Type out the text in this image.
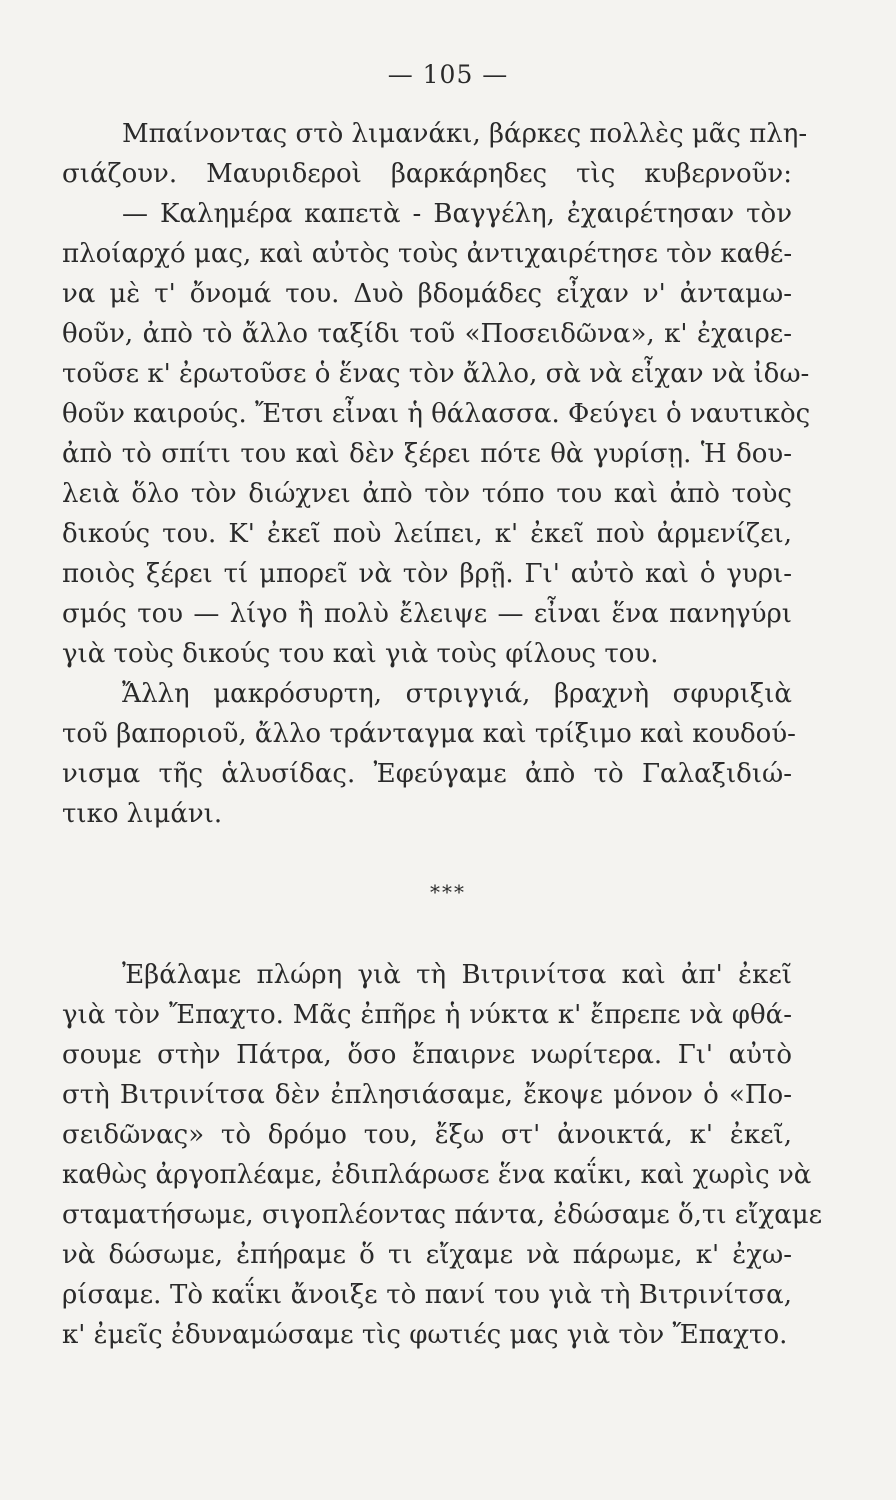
— 105 —
Μπαίνοντας στὸ λιμανάκι, βάρκες πολλὲς μᾶς πλη-
σιάζουν. Μαυριδεροὶ βαρκάρηδες τὶς κυβερνοῦν:
— Καλημέρα καπετὰ - Βαγγέλη, ἐχαιρέτησαν τὸν
πλοίαρχό μας, καὶ αὐτὸς τοὺς ἀντιχαιρέτησε τὸν καθέ-
να μὲ τ' ὄνομά του. Δυὸ βδομάδες εἶχαν ν' ἀνταμω-
θοῦν, ἀπὸ τὸ ἄλλο ταξίδι τοῦ «Ποσειδῶνα», κ' ἐχαιρε-
τοῦσε κ' ἐρωτοῦσε ὁ ἕνας τὸν ἄλλο, σὰ νὰ εἶχαν νὰ ἰδω-
θοῦν καιρούς. Ἔτσι εἶναι ἡ θάλασσα. Φεύγει ὁ ναυτικὸς
ἀπὸ τὸ σπίτι του καὶ δὲν ξέρει πότε θὰ γυρίσῃ. Ἡ δου-
λειὰ ὅλο τὸν διώχνει ἀπὸ τὸν τόπο του καὶ ἀπὸ τοὺς
δικούς του. Κ' ἐκεῖ ποὺ λείπει, κ' ἐκεῖ ποὺ ἀρμενίζει,
ποιὸς ξέρει τί μπορεῖ νὰ τὸν βρῇ. Γι' αὐτὸ καὶ ὁ γυρι-
σμός του — λίγο ἢ πολὺ ἔλειψε — εἶναι ἕνα πανηγύρι
γιὰ τοὺς δικούς του καὶ γιὰ τοὺς φίλους του.
Ἄλλη μακρόσυρτη, στριγγιά, βραχνὴ σφυριξιὰ
τοῦ βαποριοῦ, ἄλλο τράνταγμα καὶ τρίξιμο καὶ κουδού-
νισμα τῆς ἁλυσίδας. Ἐφεύγαμε ἀπὸ τὸ Γαλαξιδιώ-
τικο λιμάνι.
***
Ἐβάλαμε πλώρη γιὰ τὴ Βιτρινίτσα καὶ ἀπ' ἐκεῖ
γιὰ τὸν Ἔπαχτο. Μᾶς ἐπῆρε ἡ νύκτα κ' ἔπρεπε νὰ φθά-
σουμε στὴν Πάτρα, ὅσο ἔπαιρνε νωρίτερα. Γι' αὐτὸ
στὴ Βιτρινίτσα δὲν ἐπλησιάσαμε, ἔκοψε μόνον ὁ «Πο-
σειδῶνας» τὸ δρόμο του, ἔξω στ' ἀνοικτά, κ' ἐκεῖ,
καθὼς ἀργοπλέαμε, ἐδιπλάρωσε ἕνα καΐκι, καὶ χωρὶς νὰ
σταματήσωμε, σιγοπλέοντας πάντα, ἐδώσαμε ὅ,τι εἴχαμε
νὰ δώσωμε, ἐπήραμε ὅ τι εἴχαμε νὰ πάρωμε, κ' ἐχω-
ρίσαμε. Τὸ καΐκι ἄνοιξε τὸ πανί του γιὰ τὴ Βιτρινίτσα,
κ' ἐμεῖς ἐδυναμώσαμε τὶς φωτιές μας γιὰ τὸν Ἔπαχτο.
